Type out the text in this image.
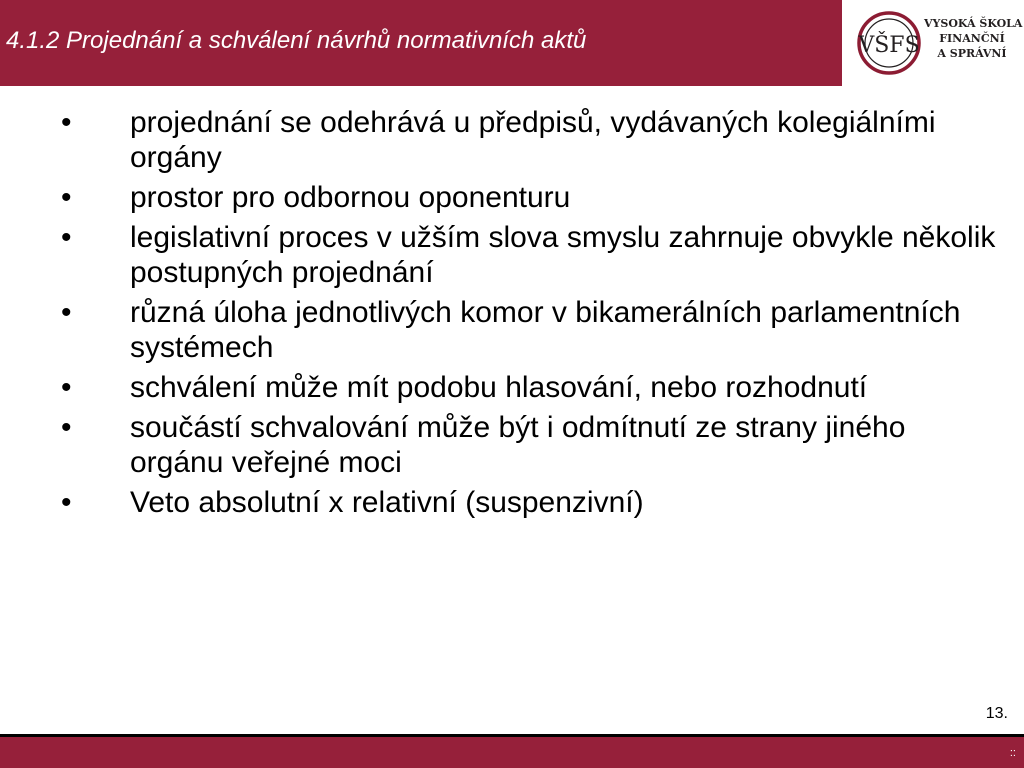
4.1.2 Projednání a schválení návrhů normativních aktů	VŠFS
VYSOKÁ ŠKOLA
FINANČNÍ
A SPRÁVNÍ
• projednání se odehrává u předpisů, vydávaných kolegiálními orgány
• prostor pro odbornou oponenturu
• legislativní proces v užším slova smyslu zahrnuje obvykle několik postupných projednání
• různá úloha jednotlivých komor v bikamerálních parlamentních systémech
• schválení může mít podobu hlasování, nebo rozhodnutí
• součástí schvalování může být i odmítnutí ze strany jiného orgánu veřejné moci
• Veto absolutní x relativní (suspenzivní)
13.
::
